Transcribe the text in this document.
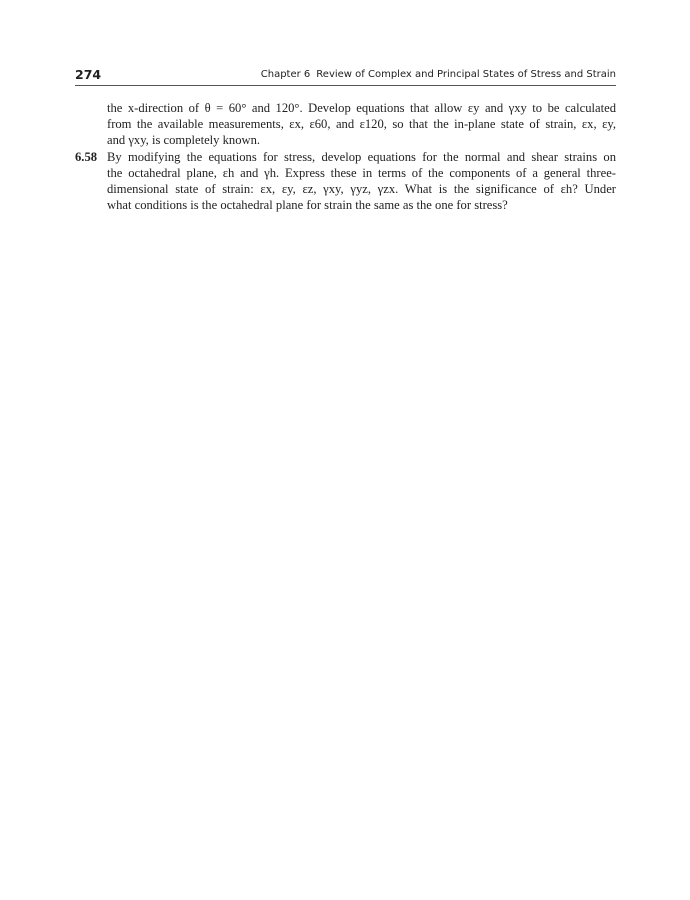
274	Chapter 6 Review of Complex and Principal States of Stress and Strain
the x-direction of θ = 60° and 120°. Develop equations that allow εy and γxy to be calculated
from the available measurements, εx, ε60, and ε120, so that the in-plane state of strain, εx, εy,
and γxy, is completely known.
6.58 By modifying the equations for stress, develop equations for the normal and shear strains on
the octahedral plane, εh and γh. Express these in terms of the components of a general three-
dimensional state of strain: εx, εy, εz, γxy, γyz, γzx. What is the significance of εh? Under
what conditions is the octahedral plane for strain the same as the one for stress?
